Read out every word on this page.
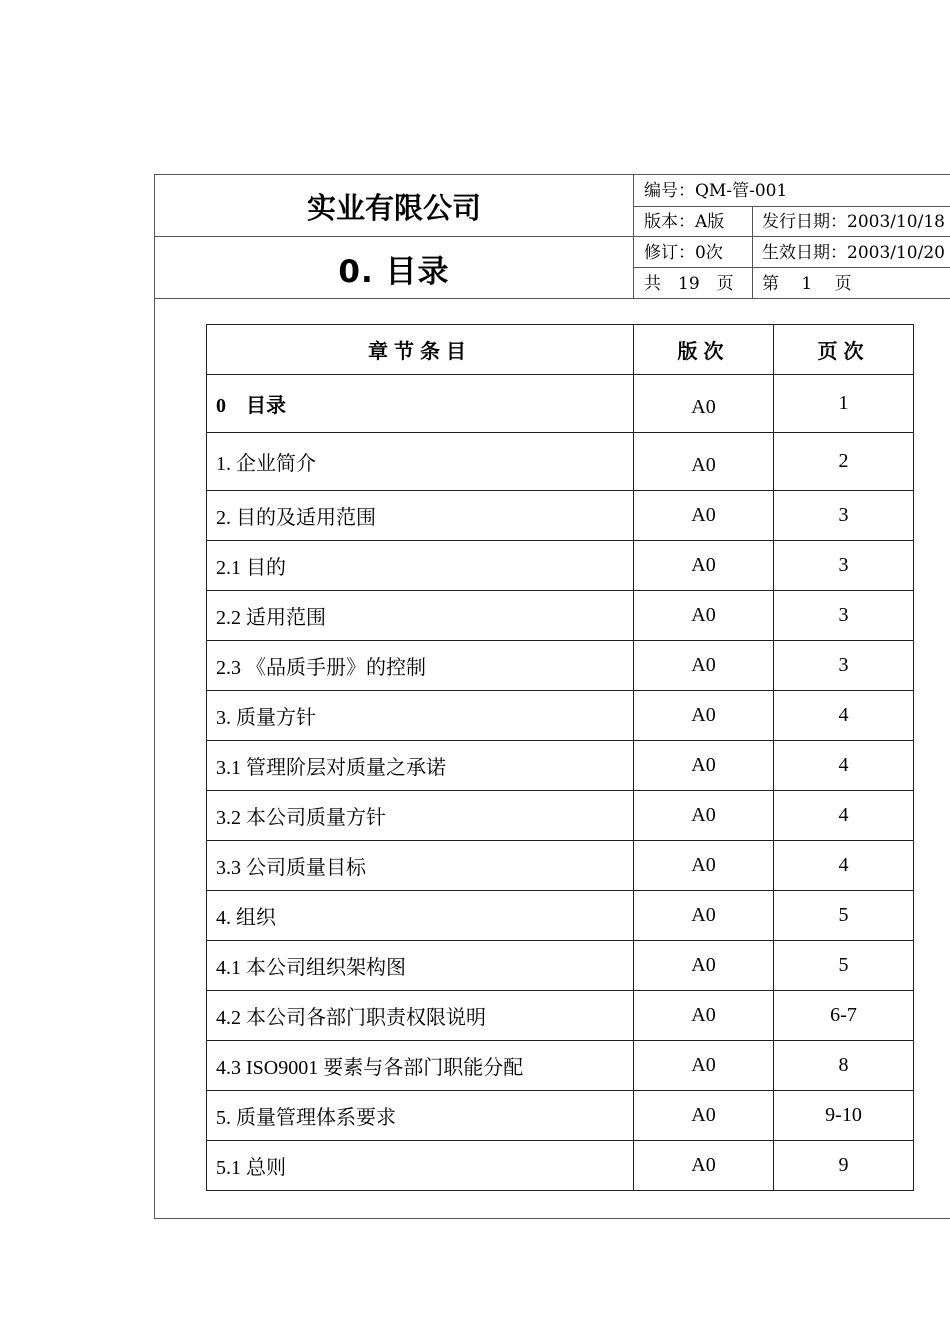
实业有限公司
0. 目录
编号：QM-管-001
版本：A版	发行日期：2003/10/18
修订：0次	生效日期：2003/10/20
共　19　页	第　 1　 页
章节条目	版次	页次
0　目录	A0	1
1. 企业简介	A0	2
2. 目的及适用范围	A0	3
2.1 目的	A0	3
2.2 适用范围	A0	3
2.3 《品质手册》的控制	A0	3
3. 质量方针	A0	4
3.1 管理阶层对质量之承诺	A0	4
3.2 本公司质量方针	A0	4
3.3 公司质量目标	A0	4
4. 组织	A0	5
4.1 本公司组织架构图	A0	5
4.2 本公司各部门职责权限说明	A0	6-7
4.3 ISO9001 要素与各部门职能分配	A0	8
5. 质量管理体系要求	A0	9-10
5.1 总则	A0	9
